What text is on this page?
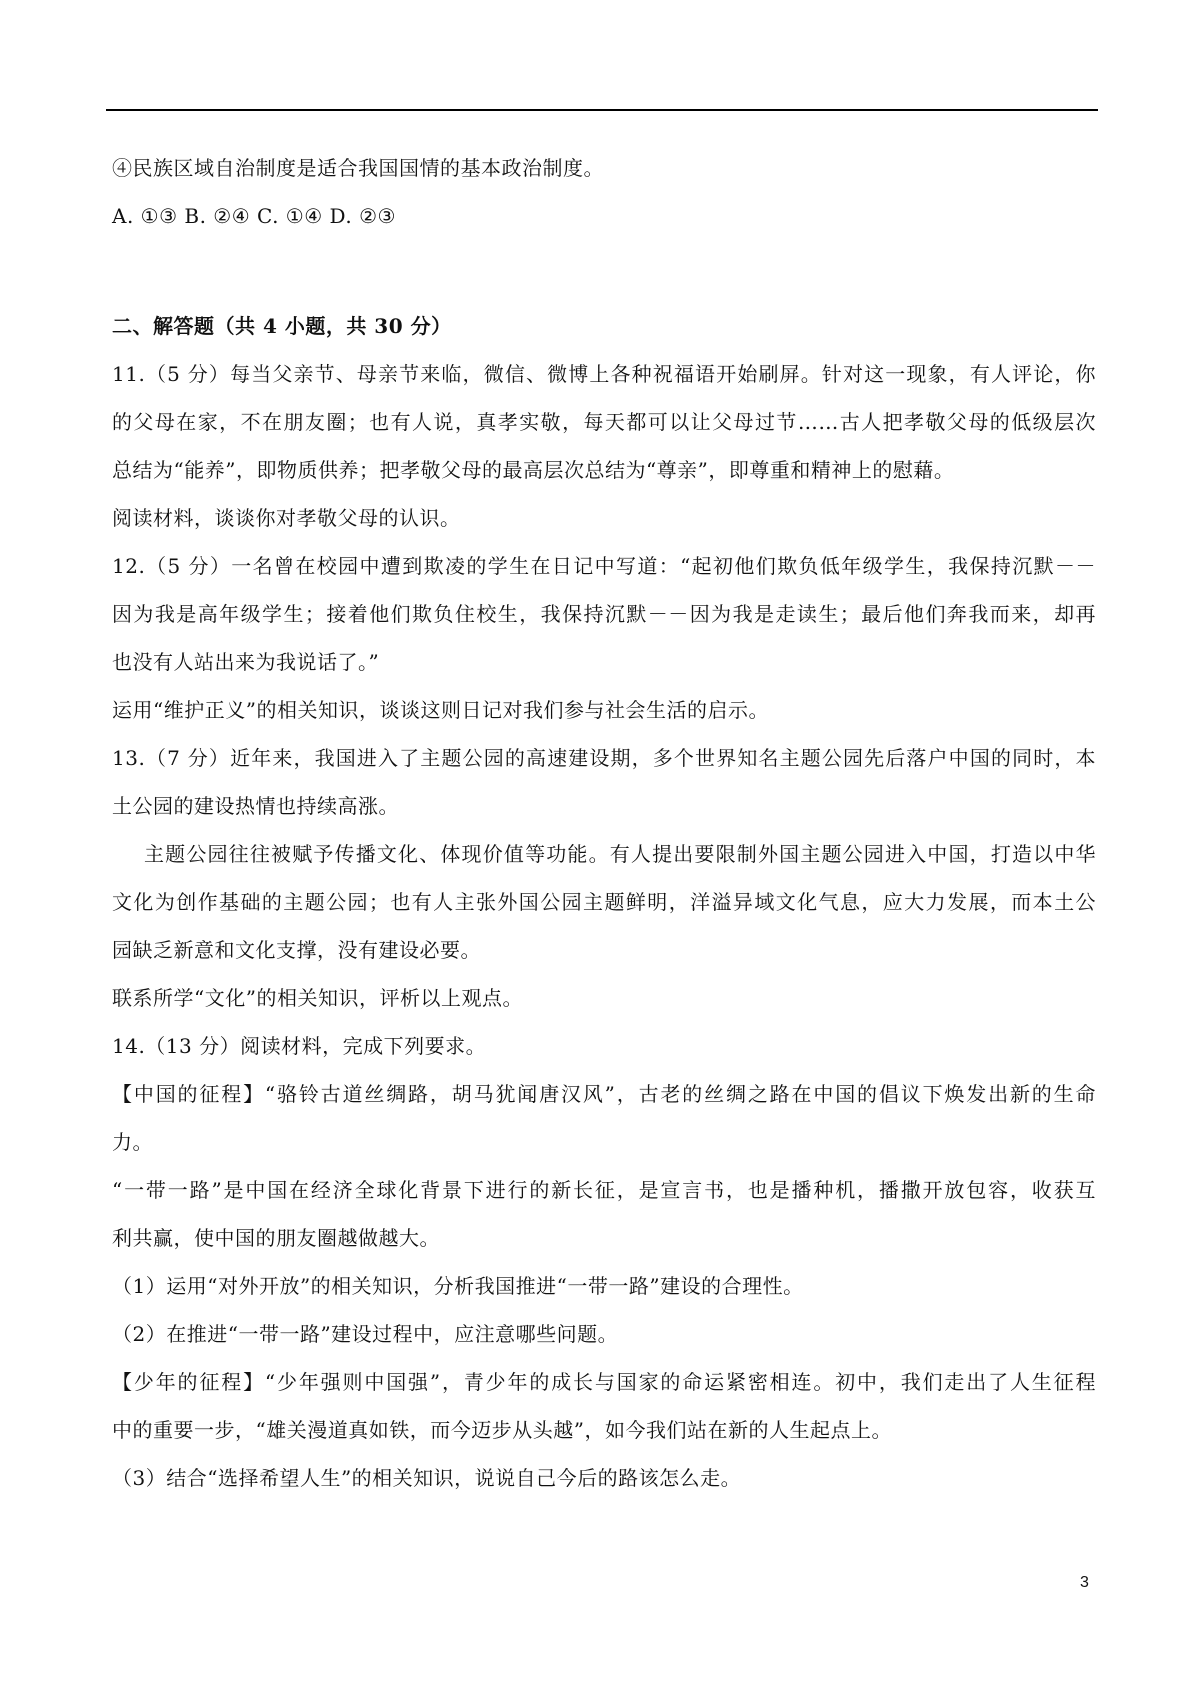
④民族区域自治制度是适合我国国情的基本政治制度。
A. ①③ B. ②④ C. ①④ D. ②③
二、解答题（共 4 小题，共 30 分）
11.（5 分）每当父亲节、母亲节来临，微信、微博上各种祝福语开始刷屏。针对这一现象，有人评论，你
的父母在家，不在朋友圈；也有人说，真孝实敬，每天都可以让父母过节……古人把孝敬父母的低级层次
总结为“能养”，即物质供养；把孝敬父母的最高层次总结为“尊亲”，即尊重和精神上的慰藉。
阅读材料，谈谈你对孝敬父母的认识。
12.（5 分）一名曾在校园中遭到欺凌的学生在日记中写道：“起初他们欺负低年级学生，我保持沉默－－
因为我是高年级学生；接着他们欺负住校生，我保持沉默－－因为我是走读生；最后他们奔我而来，却再
也没有人站出来为我说话了。”
运用“维护正义”的相关知识，谈谈这则日记对我们参与社会生活的启示。
13.（7 分）近年来，我国进入了主题公园的高速建设期，多个世界知名主题公园先后落户中国的同时，本
土公园的建设热情也持续高涨。
主题公园往往被赋予传播文化、体现价值等功能。有人提出要限制外国主题公园进入中国，打造以中华
文化为创作基础的主题公园；也有人主张外国公园主题鲜明，洋溢异域文化气息，应大力发展，而本土公
园缺乏新意和文化支撑，没有建设必要。
联系所学“文化”的相关知识，评析以上观点。
14.（13 分）阅读材料，完成下列要求。
【中国的征程】“骆铃古道丝绸路，胡马犹闻唐汉风”，古老的丝绸之路在中国的倡议下焕发出新的生命
力。
“一带一路”是中国在经济全球化背景下进行的新长征，是宣言书，也是播种机，播撒开放包容，收获互
利共赢，使中国的朋友圈越做越大。
（1）运用“对外开放”的相关知识，分析我国推进“一带一路”建设的合理性。
（2）在推进“一带一路”建设过程中，应注意哪些问题。
【少年的征程】“少年强则中国强”，青少年的成长与国家的命运紧密相连。初中，我们走出了人生征程
中的重要一步，“雄关漫道真如铁，而今迈步从头越”，如今我们站在新的人生起点上。
（3）结合“选择希望人生”的相关知识，说说自己今后的路该怎么走。
3
